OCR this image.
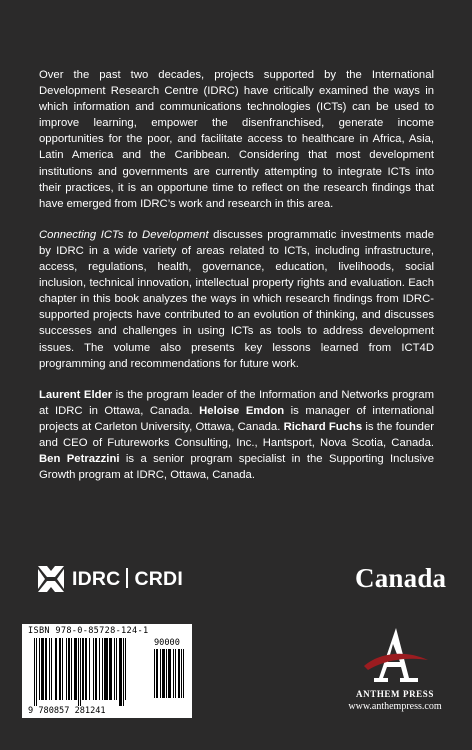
Over the past two decades, projects supported by the International Development Research Centre (IDRC) have critically examined the ways in which information and communications technologies (ICTs) can be used to improve learning, empower the disenfranchised, generate income opportunities for the poor, and facilitate access to healthcare in Africa, Asia, Latin America and the Caribbean. Considering that most development institutions and governments are currently attempting to integrate ICTs into their practices, it is an opportune time to reflect on the research findings that have emerged from IDRC’s work and research in this area.

Connecting ICTs to Development discusses programmatic investments made by IDRC in a wide variety of areas related to ICTs, including infrastructure, access, regulations, health, governance, education, livelihoods, social inclusion, technical innovation, intellectual property rights and evaluation. Each chapter in this book analyzes the ways in which research findings from IDRC-supported projects have contributed to an evolution of thinking, and discusses successes and challenges in using ICTs as tools to address development issues. The volume also presents key lessons learned from ICT4D programming and recommendations for future work.

Laurent Elder is the program leader of the Information and Networks program at IDRC in Ottawa, Canada. Heloise Emdon is manager of international projects at Carleton University, Ottawa, Canada. Richard Fuchs is the founder and CEO of Futureworks Consulting, Inc., Hantsport, Nova Scotia, Canada. Ben Petrazzini is a senior program specialist in the Supporting Inclusive Growth program at IDRC, Ottawa, Canada.

IDRC CRDI	Canada
ISBN 978-0-85728-124-1
90000
9 780857 281241
ANTHEM PRESS
www.anthempress.com
